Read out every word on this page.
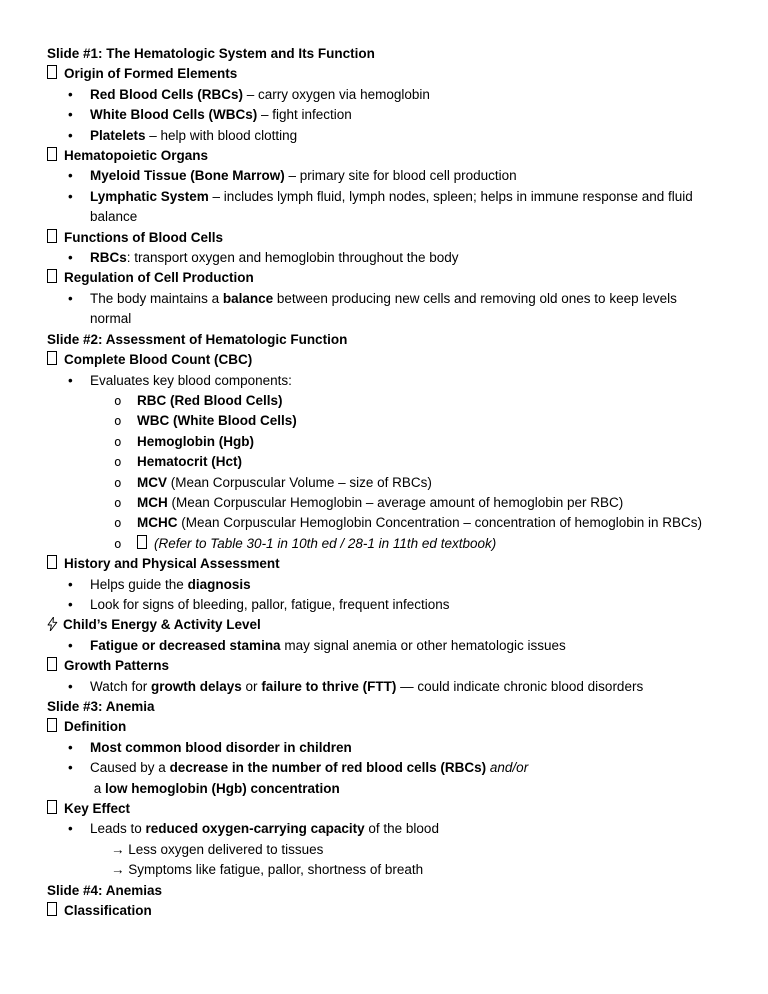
Slide #1: The Hematologic System and Its Function
Origin of Formed Elements
• Red Blood Cells (RBCs) – carry oxygen via hemoglobin
• White Blood Cells (WBCs) – fight infection
• Platelets – help with blood clotting
Hematopoietic Organs
• Myeloid Tissue (Bone Marrow) – primary site for blood cell production
• Lymphatic System – includes lymph fluid, lymph nodes, spleen; helps in immune response and fluid balance
Functions of Blood Cells
• RBCs: transport oxygen and hemoglobin throughout the body
Regulation of Cell Production
• The body maintains a balance between producing new cells and removing old ones to keep levels normal
Slide #2: Assessment of Hematologic Function
Complete Blood Count (CBC)
• Evaluates key blood components:
o RBC (Red Blood Cells)
o WBC (White Blood Cells)
o Hemoglobin (Hgb)
o Hematocrit (Hct)
o MCV (Mean Corpuscular Volume – size of RBCs)
o MCH (Mean Corpuscular Hemoglobin – average amount of hemoglobin per RBC)
o MCHC (Mean Corpuscular Hemoglobin Concentration – concentration of hemoglobin in RBCs)
o (Refer to Table 30-1 in 10th ed / 28-1 in 11th ed textbook)
History and Physical Assessment
• Helps guide the diagnosis
• Look for signs of bleeding, pallor, fatigue, frequent infections
Child’s Energy & Activity Level
• Fatigue or decreased stamina may signal anemia or other hematologic issues
Growth Patterns
• Watch for growth delays or failure to thrive (FTT) — could indicate chronic blood disorders
Slide #3: Anemia
Definition
• Most common blood disorder in children
• Caused by a decrease in the number of red blood cells (RBCs) and/or
a low hemoglobin (Hgb) concentration
Key Effect
• Leads to reduced oxygen-carrying capacity of the blood
→ Less oxygen delivered to tissues
→ Symptoms like fatigue, pallor, shortness of breath
Slide #4: Anemias
Classification
